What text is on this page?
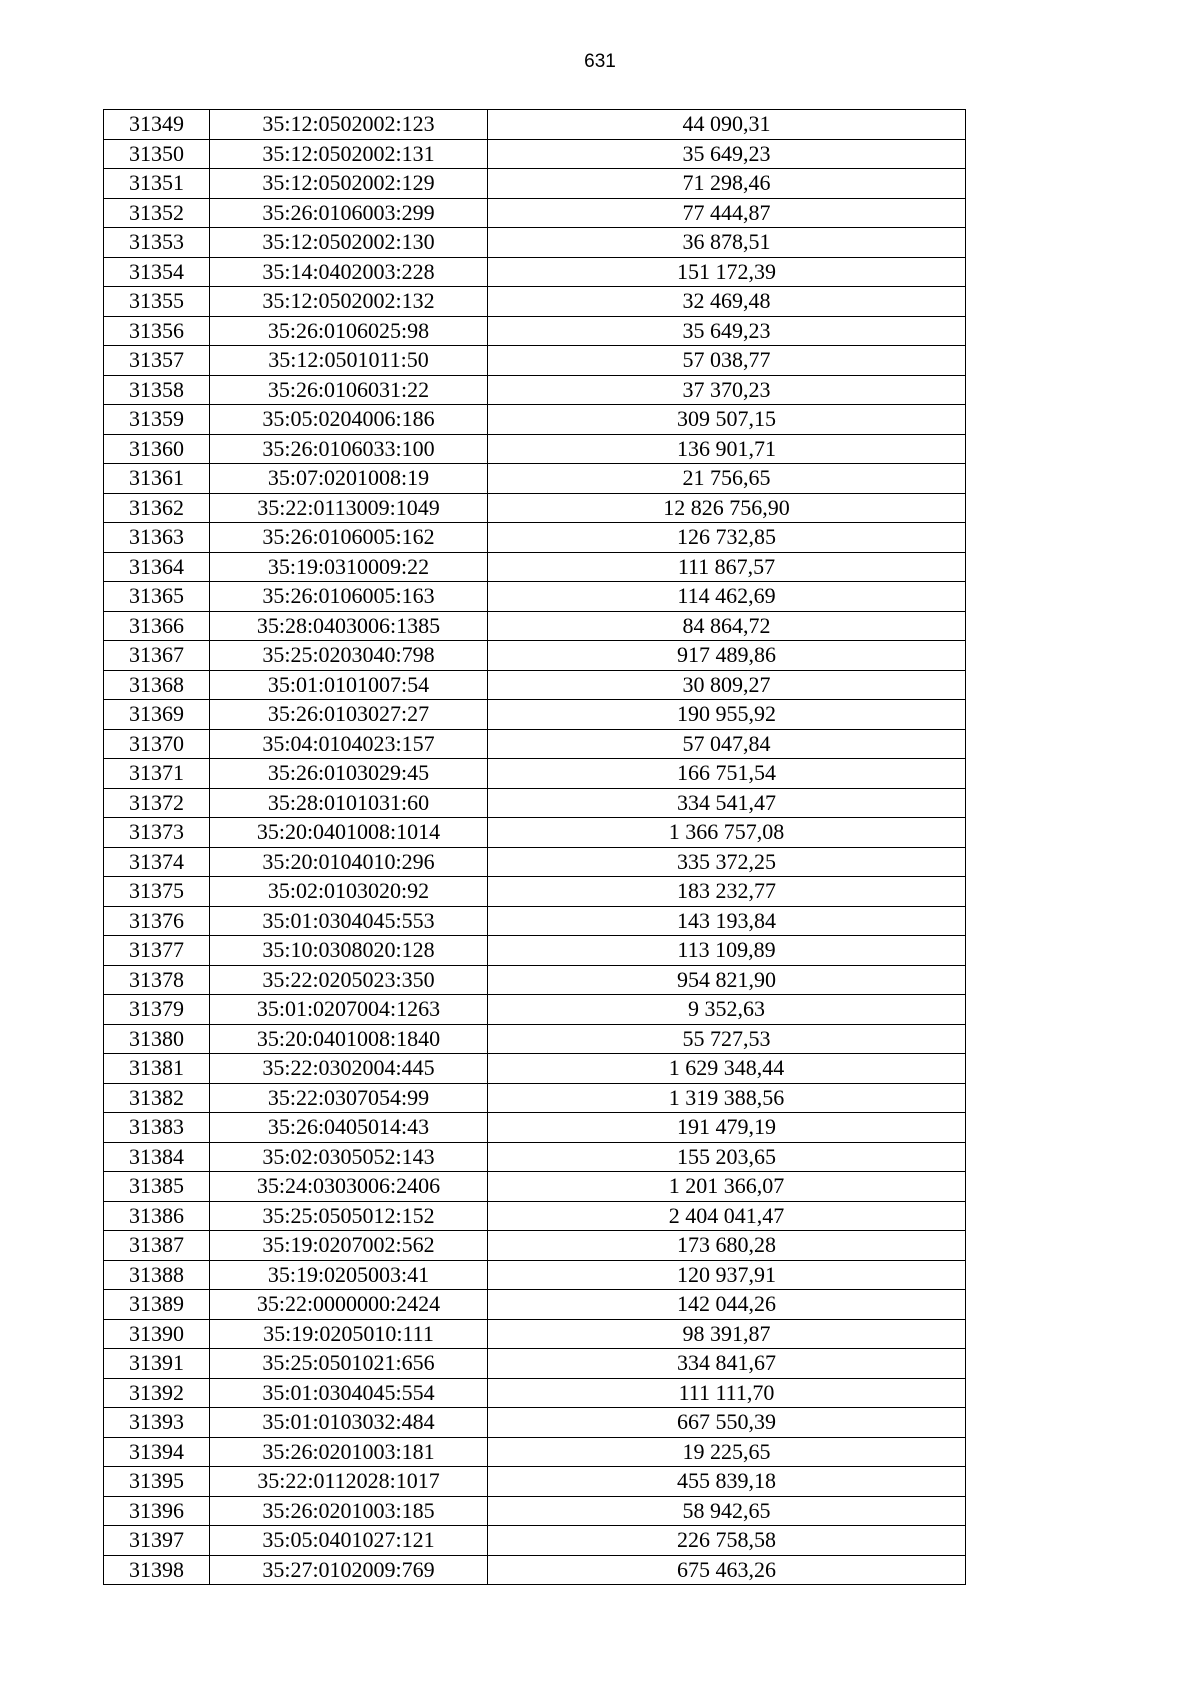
631
31349	35:12:0502002:123	44 090,31
31350	35:12:0502002:131	35 649,23
31351	35:12:0502002:129	71 298,46
31352	35:26:0106003:299	77 444,87
31353	35:12:0502002:130	36 878,51
31354	35:14:0402003:228	151 172,39
31355	35:12:0502002:132	32 469,48
31356	35:26:0106025:98	35 649,23
31357	35:12:0501011:50	57 038,77
31358	35:26:0106031:22	37 370,23
31359	35:05:0204006:186	309 507,15
31360	35:26:0106033:100	136 901,71
31361	35:07:0201008:19	21 756,65
31362	35:22:0113009:1049	12 826 756,90
31363	35:26:0106005:162	126 732,85
31364	35:19:0310009:22	111 867,57
31365	35:26:0106005:163	114 462,69
31366	35:28:0403006:1385	84 864,72
31367	35:25:0203040:798	917 489,86
31368	35:01:0101007:54	30 809,27
31369	35:26:0103027:27	190 955,92
31370	35:04:0104023:157	57 047,84
31371	35:26:0103029:45	166 751,54
31372	35:28:0101031:60	334 541,47
31373	35:20:0401008:1014	1 366 757,08
31374	35:20:0104010:296	335 372,25
31375	35:02:0103020:92	183 232,77
31376	35:01:0304045:553	143 193,84
31377	35:10:0308020:128	113 109,89
31378	35:22:0205023:350	954 821,90
31379	35:01:0207004:1263	9 352,63
31380	35:20:0401008:1840	55 727,53
31381	35:22:0302004:445	1 629 348,44
31382	35:22:0307054:99	1 319 388,56
31383	35:26:0405014:43	191 479,19
31384	35:02:0305052:143	155 203,65
31385	35:24:0303006:2406	1 201 366,07
31386	35:25:0505012:152	2 404 041,47
31387	35:19:0207002:562	173 680,28
31388	35:19:0205003:41	120 937,91
31389	35:22:0000000:2424	142 044,26
31390	35:19:0205010:111	98 391,87
31391	35:25:0501021:656	334 841,67
31392	35:01:0304045:554	111 111,70
31393	35:01:0103032:484	667 550,39
31394	35:26:0201003:181	19 225,65
31395	35:22:0112028:1017	455 839,18
31396	35:26:0201003:185	58 942,65
31397	35:05:0401027:121	226 758,58
31398	35:27:0102009:769	675 463,26
